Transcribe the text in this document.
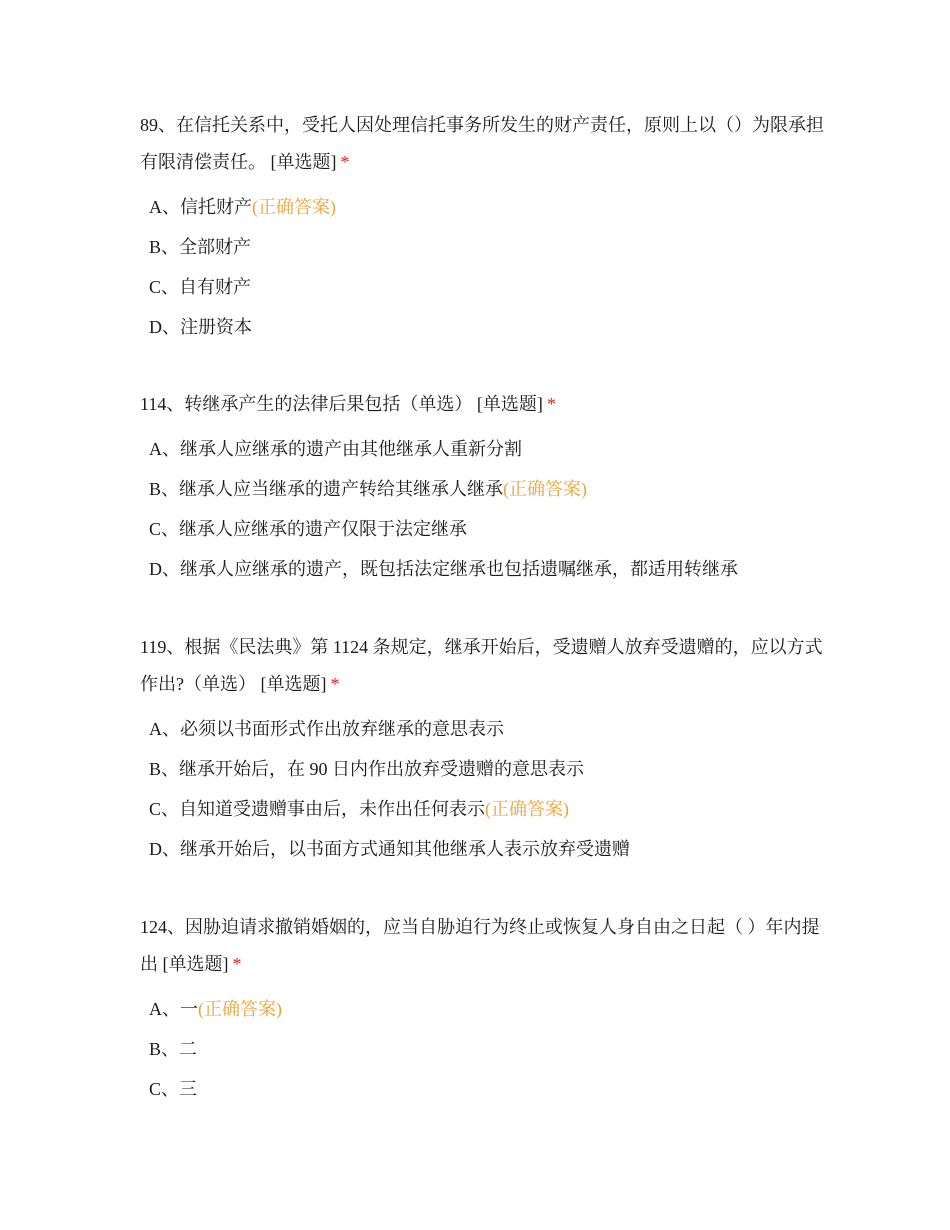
89、在信托关系中，受托人因处理信托事务所发生的财产责任，原则上以（）为限承担有限清偿责任。 [单选题] *

A、信托财产(正确答案)
B、全部财产
C、自有财产
D、注册资本

114、转继承产生的法律后果包括（单选） [单选题] *

A、继承人应继承的遗产由其他继承人重新分割
B、继承人应当继承的遗产转给其继承人继承(正确答案)
C、继承人应继承的遗产仅限于法定继承
D、继承人应继承的遗产，既包括法定继承也包括遗嘱继承，都适用转继承

119、根据《民法典》第 1124 条规定，继承开始后，受遗赠人放弃受遗赠的，应以方式作出?（单选） [单选题] *

A、必须以书面形式作出放弃继承的意思表示
B、继承开始后，在 90 日内作出放弃受遗赠的意思表示
C、自知道受遗赠事由后，未作出任何表示(正确答案)
D、继承开始后，以书面方式通知其他继承人表示放弃受遗赠

124、因胁迫请求撤销婚姻的，应当自胁迫行为终止或恢复人身自由之日起（ ）年内提出 [单选题] *

A、一(正确答案)
B、二
C、三
